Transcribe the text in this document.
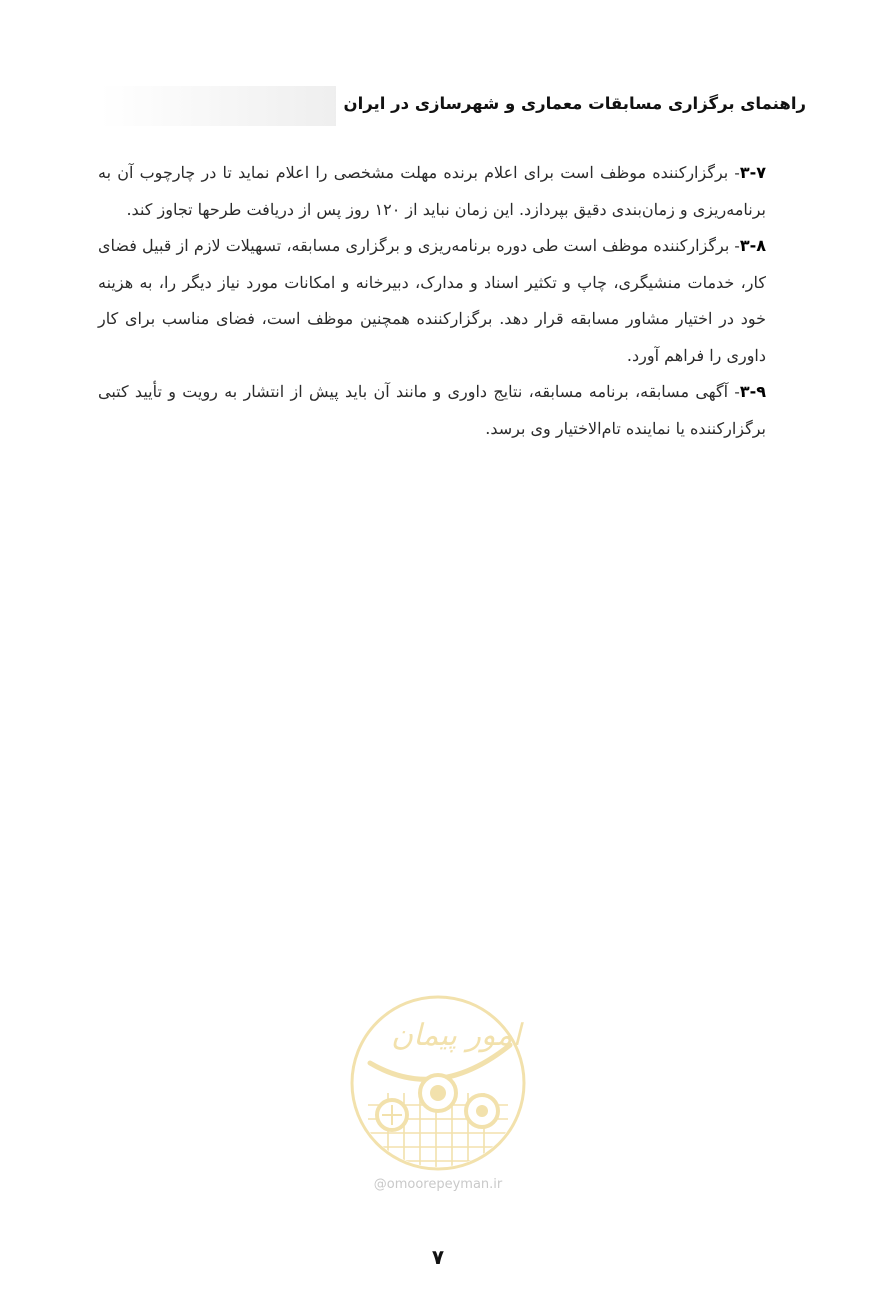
راهنمای برگزاری مسابقات معماری و شهرسازی در ایران

۳-۷- برگزارکننده موظف است برای اعلام برنده مهلت مشخصی را اعلام نماید تا در چارچوب آن به برنامه‌ریزی و زمان‌بندی دقیق بپردازد. این زمان نباید از ۱۲۰ روز پس از دریافت طرحها تجاوز کند.

۳-۸- برگزارکننده موظف است طی دوره برنامه‌ریزی و برگزاری مسابقه، تسهیلات لازم از قبیل فضای کار، خدمات منشیگری، چاپ و تکثیر اسناد و مدارک، دبیرخانه و امکانات مورد نیاز دیگر را، به هزینه خود در اختیار مشاور مسابقه قرار دهد. برگزارکننده همچنین موظف است، فضای مناسب برای کار داوری را فراهم آورد.

۳-۹- آگهی مسابقه، برنامه مسابقه، نتایج داوری و مانند آن باید پیش از انتشار به رویت و تأیید کتبی برگزارکننده یا نماینده تام‌الاختیار وی برسد.

امور پیمان
@omoorepeyman.ir
۷
